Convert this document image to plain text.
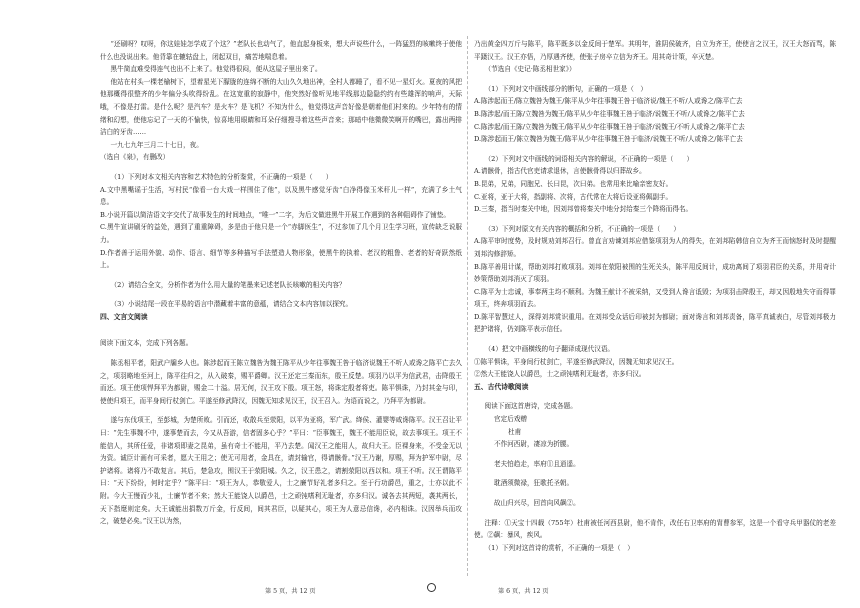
“还刷呀？叹呀，你这娃娃怎学成了个这？”老队长也动气了，他直起身板来，想大声说些什么，一阵猛烈的咳嗽终于使他什么也没说出来。他背靠在辘轱盘上，闭起双目，痛苦地喘息着。

黑牛简直难受得连气也出不上来了。他觉得很闷，便从这屋子里出来了。

他站在村头一棵老榆树下，望着星光下朦胧的连绵不断的大山久久地出神，全村人都睡了，看不见一星灯火。夏夜的风把他那概得很整齐的少年偏分头吹得纷乱。在这宽重的寂静中，他突然好像听见地平线那边隐隐约约有些雄浑的响声，天际哦，不像是打雷。是什么呢？是汽车？是火车？是飞机？不知为什么，他觉得这声音好像是朝着他们村来的。少年特有的情绪和幻想，使他忘记了一天的不愉快，惊喜地用眼睛和耳朵仔细搜寻着这些声音来；那暗中他微微笑啊开的嘴巴，露出两排洁白的牙齿……

一九七九年三月二十七日，夜。

（选自《泉》，有删改）

（1）下列对本文相关内容和艺术特色的分析鉴赏，不正确的一项是（　　）

A.文中黑嘴谣于生活，写村民“像看一台大戏一样围住了他”，以及黑牛感觉牙齿“白净得像玉米秆儿一样”，充满了乡土气息。

B.小说开篇以简洁语文字交代了故事发生的时间地点，“唯一”二字，为后文做进黑牛开展工作遇到的各种阻碍作了铺垫。

C.黑牛宣讲刷牙的益处，遇到了重重障碍，多是由于他只是一个“赤脚医生”，不过参加了几个月卫生学习班，宣传缺乏说服力。

D.作者善于运用外貌、动作、语言、细节等多种描写手法塑造人物形象，使黑牛的执着、老汉的粗鲁、老者的好奇跃然纸上。

（2）请结合全文，分析作者为什么用大量的笔墨来记述老队长咳嗽的相关内容？

（3）小说结尾一段在平易的语言中潜藏着丰富的意蕴，请结合文本内容加以探究。

四、文言文阅读

阅读下面文本，完成下列各题。

陈丞相平者，阳武户牖乡人也。陈涉起而王陈立魏咎为魏王陈平从少年往事魏王咎于临济说魏王不听人或谗之陈平亡去久之，项羽略地至河上，陈平往归之，从入破秦，赐平爵卿。汉王还定三秦而东，殷王反楚。项羽乃以平为信武君，击降殷王而还。项王使项悍拜平为都尉，赐金二十溢。居无何，汉王攻下殷。项王怒，将诛定殷者将吏。陈平惧诛，乃封其金与印，使使归项王，而平身间行杖剑亡。平遂至修武降汉，因魏无知求见汉王，汉王召入。为语而说之，乃拜平为都尉。

遂与东伐项王，至彭城，为楚所败。引而还，收散兵至荥阳，以平为亚将，军广武。绛侯、灌婴等咸谗陈平。汉王召让平曰：“先生事魏不中，遂事楚而去，今又从吾游，信者固多心乎？”平曰：“臣事魏王，魏王不能用臣说，故去事项王。项王不能信人，其所任爱，非诸项即妻之昆弟，虽有奇士不能用，平乃去楚。闻汉王之能用人，故归大王。臣裸身来，不受金无以为资。诚臣计画有可采者，愿大王用之；使无可用者，金具在，请封输官，得请骸骨。”汉王乃谢，厚赐，拜为护军中尉，尽护诸将。诸将乃不敢复言。其后，楚急攻，围汉王于荥阳城。久之，汉王患之，请割荥阳以西以和。项王不听。汉王谓陈平曰：“天下纷纷，何时定乎？”陈平曰：“项王为人，恭敬爱人，士之廉节好礼者多归之。至于行功爵邑，重之，士亦以此不附。今大王慢而少礼，士廉节者不来；然大王能饶人以爵邑，士之顽钝嗜利无耻者，亦多归汉。诚各去其两短，袭其两长，天下指麾则定矣。大王诚能出捐数万斤金，行反间，间其君臣，以疑其心，项王为人意忌信谗，必内相诛。汉因举兵而攻之，破楚必矣。”汉王以为然，

乃出黄金四万斤与陈平，陈平既多以金反间于楚军。其明年，淮阴侯破齐，自立为齐王，使使言之汉王，汉王大怒而骂，陈平蹑汉王。汉王亦悟，乃厚遇齐使，使张子房卒立信为齐王。用其奇计策，卒灭楚。

（节选自《史记·陈丞相世家》）

（1）下列对文中画线部分的断句，正确的一项是（　）

A.陈涉起而王/陈立魏咎为魏王/陈平从少年往事魏王咎于临济说/魏王不听/人或谗之/陈平亡去

B.陈涉起/而王陈/立魏咎为魏王/陈平从少年往事魏王咎于临济/说魏王不听/人或谗之/陈平亡去

C.陈涉起/而王陈/立魏咎为魏王/陈平从少年往事魏王咎于临济/说魏王/不听人或谗之/陈平亡去

D.陈涉起而王/陈立魏咎为魏王/陈平从少年往事魏王咎于临济/说魏王不听/人或谗之/陈平亡去

（2）下列对文中画线的词语相关内容的解说，不正确的一项是（　　）

A.请骸骨，指古代官吏请求退休，言使骸骨得以归葬故乡。

B.昆弟，兄弟，同胞兄、长曰昆，次曰弟。也常用来比喻亲密友好。

C.亚将，亚于大将，指副将、次将，古代常在大将后设亚将佩副手。

D.三秦，指当时秦关中地，因刘邦曾将秦关中地分封给秦三个降将而得名。

（3）下列对原文有关内容的概括和分析，不正确的一项是（　　）

A.陈平审时度势，及时规劝刘邦召行。曾直言劝谏刘邦应借鉴项羽为人的得失，在刘邦陷韩信自立为齐王而恼怒时及时提醒刘邦沟修辞矫。

B.陈平善用计谋，帮助刘邦打败项羽。刘邦在荥阳被围的生死关头，陈平用反间计，成功离间了项羽君臣的关系，并用奇计妙策帮助刘邦消灭了项羽。

C.陈平为士忠诚，事奉两主均不顺利。为魏王献计不被采纳，又受到人谗言诋毁；为项羽击降殷王，却又因殷地失守而得罪项王，终奔项羽而去。

D.陈平智慧过人，深得刘邦赏识重用。在刘邦受众话后印被封为都尉；面对谗言和刘邦责备，陈平真诚表白，尽管刘邦极力把护诸将，仍刘陈平表示信任。

（4）把文中画横线的句子翻译成现代汉语。

①陈平惧诛，平身间行杖剑亡，平遂至修武降汉，因魏无知求见汉王。

②然大王能饶人以爵邑，士之顽钝嗜利无耻者，亦多归汉。

五、古代诗歌阅读

阅读下面这首唐诗，完成各题。

官定后戏赠

杜甫

不作河西尉，凄凉为折腰。

老夫怕趋走，率府①且逍遥。

耽酒须微禄，狂歌托圣朝。

故山归兴尽，回首向风飙②。

注释：①天宝十四载（755年）杜甫被任河西县尉，他不肯作，改任右卫率府的胄曹参军，这是一个看守兵甲器仗的老差使。②飙：暴风，疾风。

（1）下列对这首诗的赏析，不正确的一项是（　）

第 5 页，共 12 页	第 6 页，共 12 页
